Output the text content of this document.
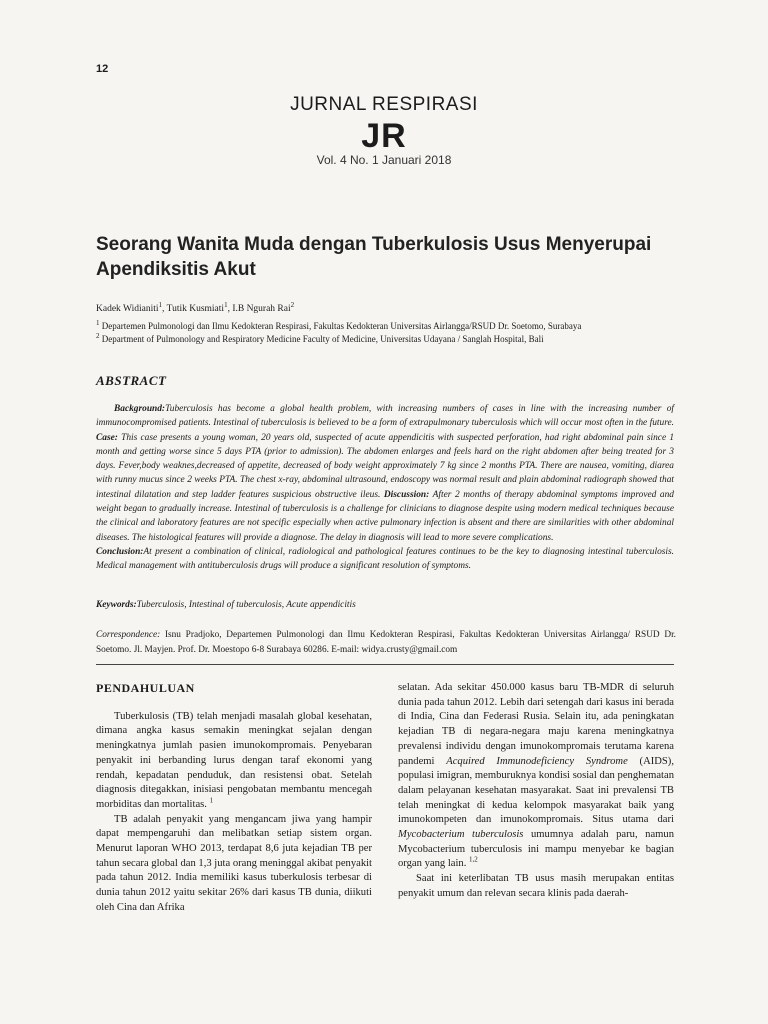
12
JURNAL RESPIRASI
JR
Vol. 4 No. 1 Januari 2018
Seorang Wanita Muda dengan Tuberkulosis Usus Menyerupai Apendiksitis Akut
Kadek Widianiti$^1$, Tutik Kusmiati$^1$, I.B Ngurah Rai$^2$
$^1$ Departemen Pulmonologi dan Ilmu Kedokteran Respirasi, Fakultas Kedokteran Universitas Airlangga/RSUD Dr. Soetomo, Surabaya
$^2$ Department of Pulmonology and Respiratory Medicine Faculty of Medicine, Universitas Udayana / Sanglah Hospital, Bali
ABSTRACT

Background:Tuberculosis has become a global health problem, with increasing numbers of cases in line with the increasing number of immunocompromised patients. Intestinal of tuberculosis is believed to be a form of extrapulmonary tuberculosis which will occur most often in the future. Case: This case presents a young woman, 20 years old, suspected of acute appendicitis with suspected perforation, had right abdominal pain since 1 month and getting worse since 5 days PTA (prior to admission). The abdomen enlarges and feels hard on the right abdomen after being treated for 3 days. Fever,body weaknes,decreased of appetite, decreased of body weight approximately 7 kg since 2 months PTA. There are nausea, vomiting, diarea with runny mucus since 2 weeks PTA. The chest x-ray, abdominal ultrasound, endoscopy was normal result and plain abdominal radiograph showed that intestinal dilatation and step ladder features suspicious obstructive ileus. Discussion: After 2 months of therapy abdominal symptoms improved and weight began to gradually increase. Intestinal of tuberculosis is a challenge for clinicians to diagnose despite using modern medical techniques because the clinical and laboratory features are not specific especially when active pulmonary infection is absent and there are similarities with other abdominal diseases. The histological features will provide a diagnose. The delay in diagnosis will lead to more severe complications.

Conclusion:At present a combination of clinical, radiological and pathological features continues to be the key to diagnosing intestinal tuberculosis. Medical management with antituberculosis drugs will produce a significant resolution of symptoms.

Keywords:Tuberculosis, Intestinal of tuberculosis, Acute appendicitis
Correspondence: Isnu Pradjoko, Departemen Pulmonologi dan Ilmu Kedokteran Respirasi, Fakultas Kedokteran Universitas Airlangga/ RSUD Dr. Soetomo. Jl. Mayjen. Prof. Dr. Moestopo 6-8 Surabaya 60286. E-mail: widya.crusty@gmail.com

PENDAHULUAN

Tuberkulosis (TB) telah menjadi masalah global kesehatan, dimana angka kasus semakin meningkat sejalan dengan meningkatnya jumlah pasien imunokompromais. Penyebaran penyakit ini berbanding lurus dengan taraf ekonomi yang rendah, kepadatan penduduk, dan resistensi obat. Setelah diagnosis ditegakkan, inisiasi pengobatan membantu mencegah morbiditas dan mortalitas. $^1$

TB adalah penyakit yang mengancam jiwa yang hampir dapat mempengaruhi dan melibatkan setiap sistem organ. Menurut laporan WHO 2013, terdapat 8,6 juta kejadian TB per tahun secara global dan 1,3 juta orang meninggal akibat penyakit pada tahun 2012. India memiliki kasus tuberkulosis terbesar di dunia tahun 2012 yaitu sekitar 26% dari kasus TB dunia, diikuti oleh Cina dan Afrika

selatan. Ada sekitar 450.000 kasus baru TB-MDR di seluruh dunia pada tahun 2012. Lebih dari setengah dari kasus ini berada di India, Cina dan Federasi Rusia. Selain itu, ada peningkatan kejadian TB di negara-negara maju karena meningkatnya prevalensi individu dengan imunokompromais terutama karena pandemi Acquired Immunodeficiency Syndrome (AIDS), populasi imigran, memburuknya kondisi sosial dan penghematan dalam pelayanan kesehatan masyarakat. Saat ini prevalensi TB telah meningkat di kedua kelompok masyarakat baik yang imunokompeten dan imunokompromais. Situs utama dari Mycobacterium tuberculosis umumnya adalah paru, namun Mycobacterium tuberculosis ini mampu menyebar ke bagian organ yang lain. $^{1,2}$

Saat ini keterlibatan TB usus masih merupakan entitas penyakit umum dan relevan secara klinis pada daerah-
